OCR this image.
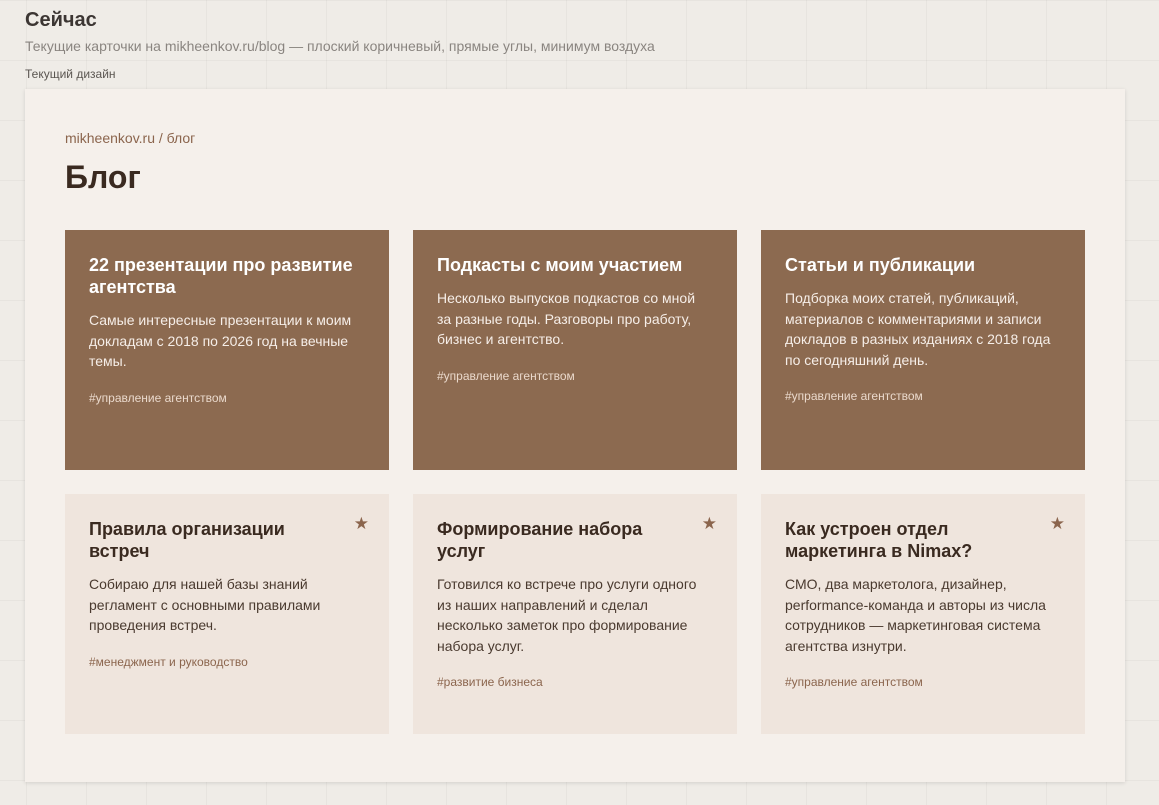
Сейчас

Текущие карточки на mikheenkov.ru/blog — плоский коричневый, прямые углы, минимум воздуха

Текущий дизайн
mikheenkov.ru / блог
Блог
22 презентации про развитие агентства

Самые интересные презентации к моим докладам с 2018 по 2026 год на вечные темы.

#управление агентством
Подкасты с моим участием

Несколько выпусков подкастов со мной за разные годы. Разговоры про работу, бизнес и агентство.

#управление агентством
Статьи и публикации

Подборка моих статей, публикаций, материалов с комментариями и записи докладов в разных изданиях с 2018 года по сегодняшний день.

#управление агентством
★
Правила организации встреч

Собираю для нашей базы знаний регламент с основными правилами проведения встреч.

#менеджмент и руководство
★
Формирование набора услуг

Готовился ко встрече про услуги одного из наших направлений и сделал несколько заметок про формирование набора услуг.

#развитие бизнеса
★
Как устроен отдел маркетинга в Nimax?

СМО, два маркетолога, дизайнер, performance-команда и авторы из числа сотрудников — маркетинговая система агентства изнутри.

#управление агентством
